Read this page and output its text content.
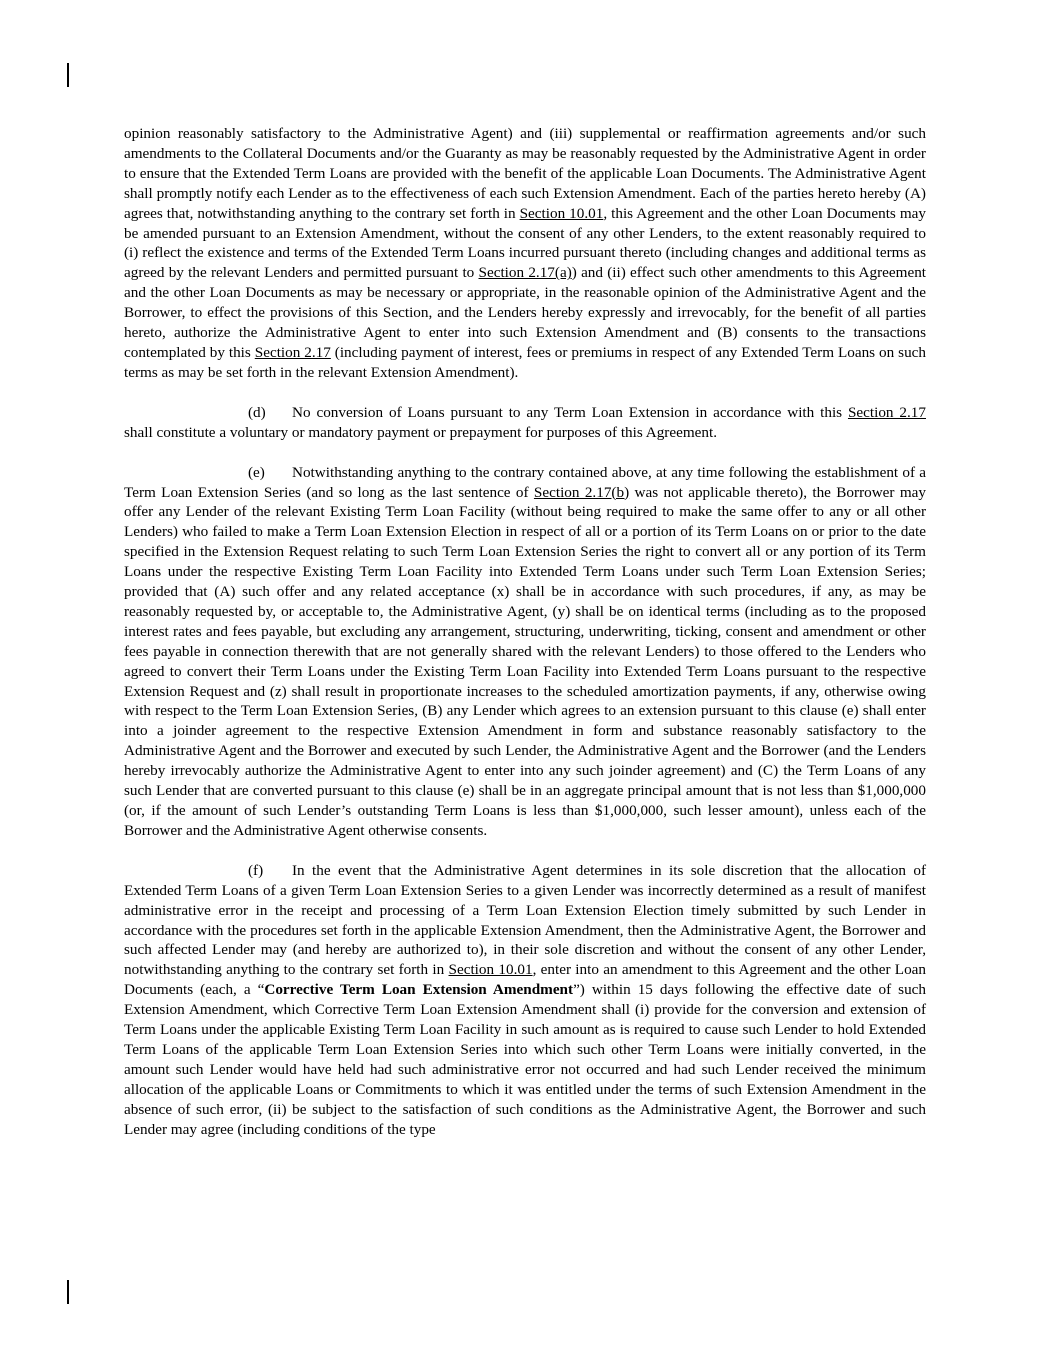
opinion reasonably satisfactory to the Administrative Agent) and (iii) supplemental or reaffirmation agreements and/or such amendments to the Collateral Documents and/or the Guaranty as may be reasonably requested by the Administrative Agent in order to ensure that the Extended Term Loans are provided with the benefit of the applicable Loan Documents. The Administrative Agent shall promptly notify each Lender as to the effectiveness of each such Extension Amendment. Each of the parties hereto hereby (A) agrees that, notwithstanding anything to the contrary set forth in Section 10.01, this Agreement and the other Loan Documents may be amended pursuant to an Extension Amendment, without the consent of any other Lenders, to the extent reasonably required to (i) reflect the existence and terms of the Extended Term Loans incurred pursuant thereto (including changes and additional terms as agreed by the relevant Lenders and permitted pursuant to Section 2.17(a)) and (ii) effect such other amendments to this Agreement and the other Loan Documents as may be necessary or appropriate, in the reasonable opinion of the Administrative Agent and the Borrower, to effect the provisions of this Section, and the Lenders hereby expressly and irrevocably, for the benefit of all parties hereto, authorize the Administrative Agent to enter into such Extension Amendment and (B) consents to the transactions contemplated by this Section 2.17 (including payment of interest, fees or premiums in respect of any Extended Term Loans on such terms as may be set forth in the relevant Extension Amendment).

(d) No conversion of Loans pursuant to any Term Loan Extension in accordance with this Section 2.17 shall constitute a voluntary or mandatory payment or prepayment for purposes of this Agreement.

(e) Notwithstanding anything to the contrary contained above, at any time following the establishment of a Term Loan Extension Series (and so long as the last sentence of Section 2.17(b) was not applicable thereto), the Borrower may offer any Lender of the relevant Existing Term Loan Facility (without being required to make the same offer to any or all other Lenders) who failed to make a Term Loan Extension Election in respect of all or a portion of its Term Loans on or prior to the date specified in the Extension Request relating to such Term Loan Extension Series the right to convert all or any portion of its Term Loans under the respective Existing Term Loan Facility into Extended Term Loans under such Term Loan Extension Series; provided that (A) such offer and any related acceptance (x) shall be in accordance with such procedures, if any, as may be reasonably requested by, or acceptable to, the Administrative Agent, (y) shall be on identical terms (including as to the proposed interest rates and fees payable, but excluding any arrangement, structuring, underwriting, ticking, consent and amendment or other fees payable in connection therewith that are not generally shared with the relevant Lenders) to those offered to the Lenders who agreed to convert their Term Loans under the Existing Term Loan Facility into Extended Term Loans pursuant to the respective Extension Request and (z) shall result in proportionate increases to the scheduled amortization payments, if any, otherwise owing with respect to the Term Loan Extension Series, (B) any Lender which agrees to an extension pursuant to this clause (e) shall enter into a joinder agreement to the respective Extension Amendment in form and substance reasonably satisfactory to the Administrative Agent and the Borrower and executed by such Lender, the Administrative Agent and the Borrower (and the Lenders hereby irrevocably authorize the Administrative Agent to enter into any such joinder agreement) and (C) the Term Loans of any such Lender that are converted pursuant to this clause (e) shall be in an aggregate principal amount that is not less than $1,000,000 (or, if the amount of such Lender’s outstanding Term Loans is less than $1,000,000, such lesser amount), unless each of the Borrower and the Administrative Agent otherwise consents.

(f) In the event that the Administrative Agent determines in its sole discretion that the allocation of Extended Term Loans of a given Term Loan Extension Series to a given Lender was incorrectly determined as a result of manifest administrative error in the receipt and processing of a Term Loan Extension Election timely submitted by such Lender in accordance with the procedures set forth in the applicable Extension Amendment, then the Administrative Agent, the Borrower and such affected Lender may (and hereby are authorized to), in their sole discretion and without the consent of any other Lender, notwithstanding anything to the contrary set forth in Section 10.01, enter into an amendment to this Agreement and the other Loan Documents (each, a “Corrective Term Loan Extension Amendment”) within 15 days following the effective date of such Extension Amendment, which Corrective Term Loan Extension Amendment shall (i) provide for the conversion and extension of Term Loans under the applicable Existing Term Loan Facility in such amount as is required to cause such Lender to hold Extended Term Loans of the applicable Term Loan Extension Series into which such other Term Loans were initially converted, in the amount such Lender would have held had such administrative error not occurred and had such Lender received the minimum allocation of the applicable Loans or Commitments to which it was entitled under the terms of such Extension Amendment in the absence of such error, (ii) be subject to the satisfaction of such conditions as the Administrative Agent, the Borrower and such Lender may agree (including conditions of the type
